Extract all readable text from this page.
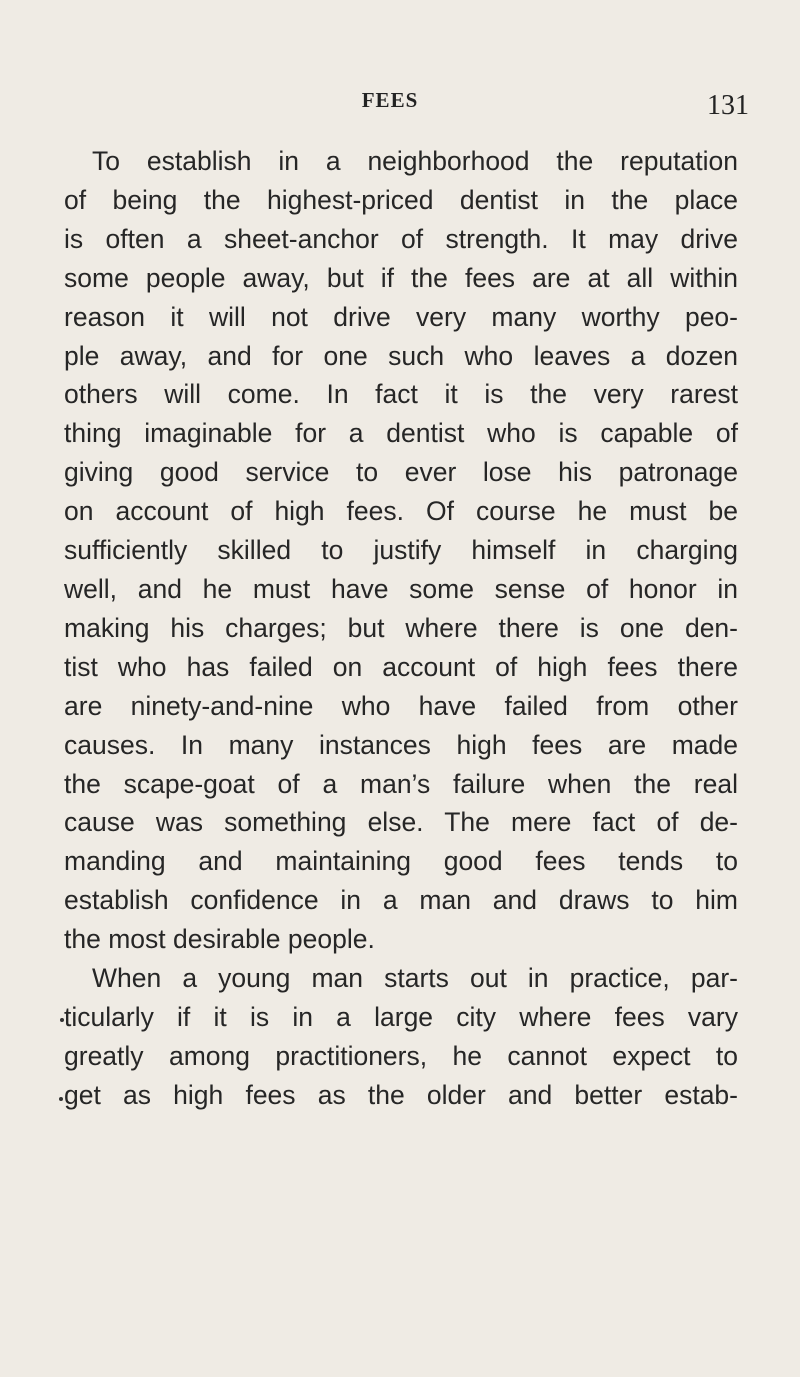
FEES	131
To establish in a neighborhood the reputation
of being the highest-priced dentist in the place
is often a sheet-anchor of strength. It may drive
some people away, but if the fees are at all within
reason it will not drive very many worthy peo-
ple away, and for one such who leaves a dozen
others will come. In fact it is the very rarest
thing imaginable for a dentist who is capable of
giving good service to ever lose his patronage
on account of high fees. Of course he must be
sufficiently skilled to justify himself in charging
well, and he must have some sense of honor in
making his charges; but where there is one den-
tist who has failed on account of high fees there
are ninety-and-nine who have failed from other
causes. In many instances high fees are made
the scape-goat of a man’s failure when the real
cause was something else. The mere fact of de-
manding and maintaining good fees tends to
establish confidence in a man and draws to him
the most desirable people.
When a young man starts out in practice, par-
ticularly if it is in a large city where fees vary
greatly among practitioners, he cannot expect to
get as high fees as the older and better estab-
